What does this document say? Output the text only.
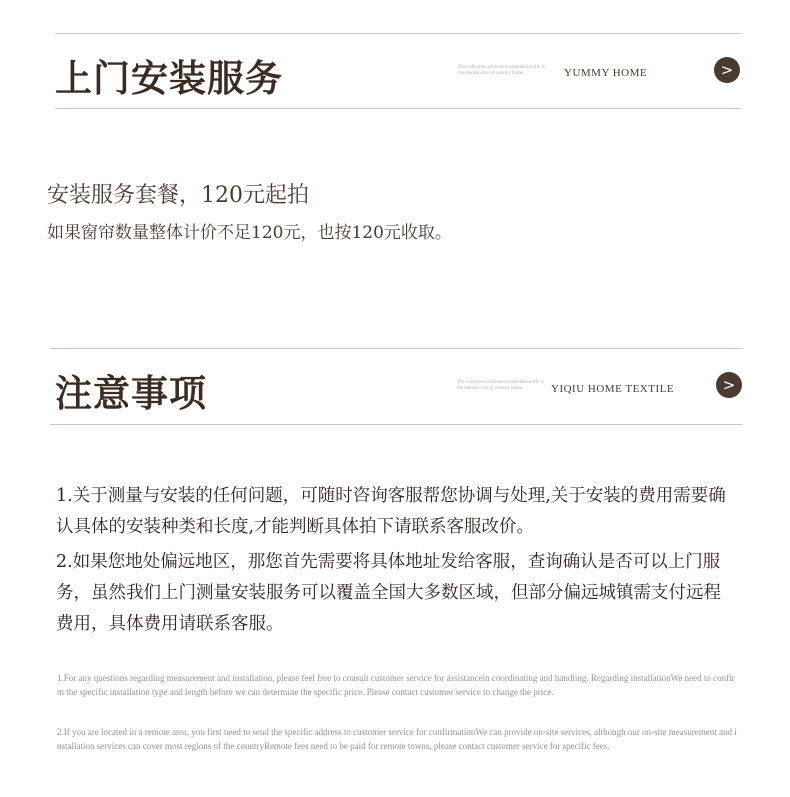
上门安装服务	The collection of modern installation/life is the eternal core of yummy home	YUMMY HOME	>
安装服务套餐，120元起拍
如果窗帘数量整体计价不足120元，也按120元收取。
注意事项	The collection of modern installation/life is the eternal core of yummy home	YIQIU HOME TEXTILE	>
1.关于测量与安装的任何问题，可随时咨询客服帮您协调与处理,关于安装的费用需要确认具体的安装种类和长度,才能判断具体拍下请联系客服改价。
2.如果您地处偏远地区，那您首先需要将具体地址发给客服，查询确认是否可以上门服务，虽然我们上门测量安装服务可以覆盖全国大多数区域，但部分偏远城镇需支付远程费用，具体费用请联系客服。
1.For any questions regarding measurement and installation, please feel free to consult customer service for assistancein coordinating and handling. Regarding installationWe need to confirm the specific installation type and length before we can determine the specific price. Please contact customer service to change the price.
2.If you are located in a remote area, you first need to send the specific address to customer service for confirmationWe can provide on-site services, although our on-site measurement and installation services can cover most regions of the countryRemote fees need to be paid for remote towns, please contact customer service for specific fees.
